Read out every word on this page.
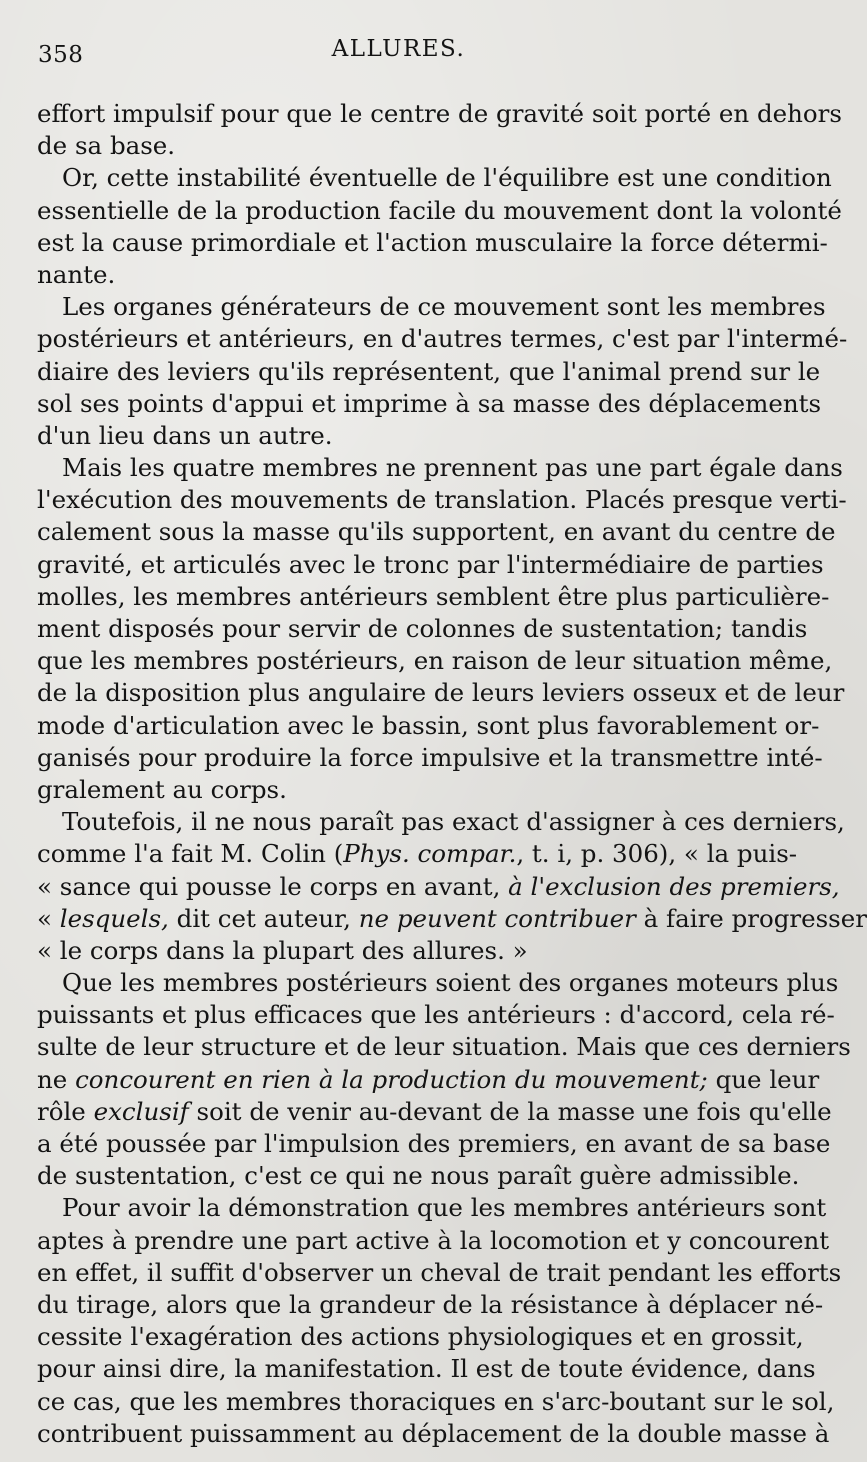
358	ALLURES.
effort impulsif pour que le centre de gravité soit porté en dehors
de sa base.
Or, cette instabilité éventuelle de l'équilibre est une condition
essentielle de la production facile du mouvement dont la volonté
est la cause primordiale et l'action musculaire la force détermi-
nante.
Les organes générateurs de ce mouvement sont les membres
postérieurs et antérieurs, en d'autres termes, c'est par l'intermé-
diaire des leviers qu'ils représentent, que l'animal prend sur le
sol ses points d'appui et imprime à sa masse des déplacements
d'un lieu dans un autre.
Mais les quatre membres ne prennent pas une part égale dans
l'exécution des mouvements de translation. Placés presque verti-
calement sous la masse qu'ils supportent, en avant du centre de
gravité, et articulés avec le tronc par l'intermédiaire de parties
molles, les membres antérieurs semblent être plus particulière-
ment disposés pour servir de colonnes de sustentation; tandis
que les membres postérieurs, en raison de leur situation même,
de la disposition plus angulaire de leurs leviers osseux et de leur
mode d'articulation avec le bassin, sont plus favorablement or-
ganisés pour produire la force impulsive et la transmettre inté-
gralement au corps.
Toutefois, il ne nous paraît pas exact d'assigner à ces derniers,
comme l'a fait M. Colin (Phys. compar., t. i, p. 306), « la puis-
« sance qui pousse le corps en avant, à l'exclusion des premiers,
« lesquels, dit cet auteur, ne peuvent contribuer à faire progresser
« le corps dans la plupart des allures. »
Que les membres postérieurs soient des organes moteurs plus
puissants et plus efficaces que les antérieurs : d'accord, cela ré-
sulte de leur structure et de leur situation. Mais que ces derniers
ne concourent en rien à la production du mouvement; que leur
rôle exclusif soit de venir au-devant de la masse une fois qu'elle
a été poussée par l'impulsion des premiers, en avant de sa base
de sustentation, c'est ce qui ne nous paraît guère admissible.
Pour avoir la démonstration que les membres antérieurs sont
aptes à prendre une part active à la locomotion et y concourent
en effet, il suffit d'observer un cheval de trait pendant les efforts
du tirage, alors que la grandeur de la résistance à déplacer né-
cessite l'exagération des actions physiologiques et en grossit,
pour ainsi dire, la manifestation. Il est de toute évidence, dans
ce cas, que les membres thoraciques en s'arc-boutant sur le sol,
contribuent puissamment au déplacement de la double masse à
